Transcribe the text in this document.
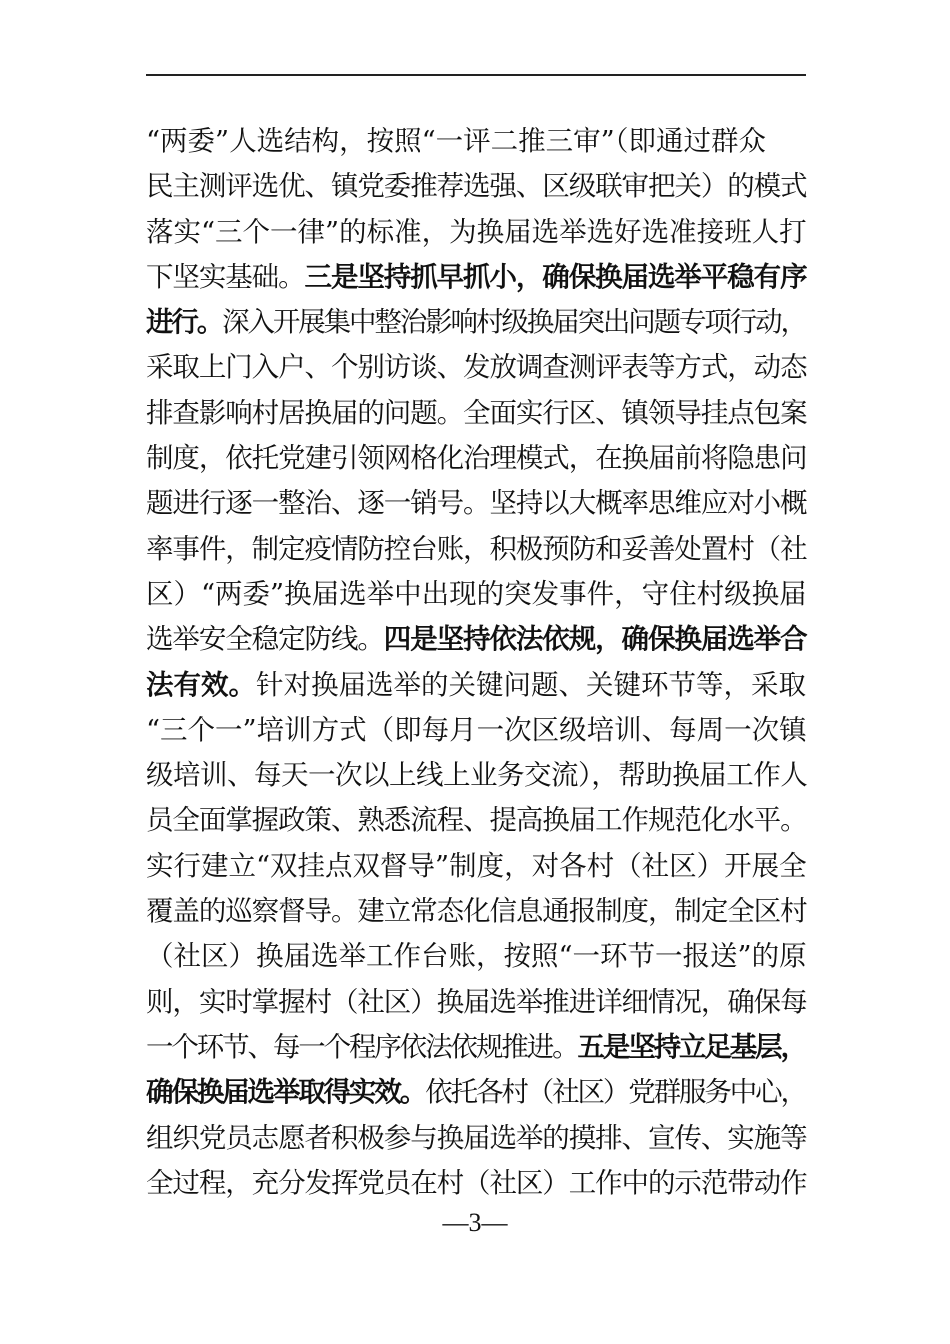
“两委”人选结构，按照“一评二推三审”（即通过群众
民主测评选优、镇党委推荐选强、区级联审把关）的模式
落实“三个一律”的标准，为换届选举选好选准接班人打
下坚实基础。三是坚持抓早抓小，确保换届选举平稳有序
进行。深入开展集中整治影响村级换届突出问题专项行动，
采取上门入户、个别访谈、发放调查测评表等方式，动态
排查影响村居换届的问题。全面实行区、镇领导挂点包案
制度，依托党建引领网格化治理模式，在换届前将隐患问
题进行逐一整治、逐一销号。坚持以大概率思维应对小概
率事件，制定疫情防控台账，积极预防和妥善处置村（社
区）“两委”换届选举中出现的突发事件，守住村级换届
选举安全稳定防线。四是坚持依法依规，确保换届选举合
法有效。针对换届选举的关键问题、关键环节等，采取
“三个一”培训方式（即每月一次区级培训、每周一次镇
级培训、每天一次以上线上业务交流），帮助换届工作人
员全面掌握政策、熟悉流程、提高换届工作规范化水平。
实行建立“双挂点双督导”制度，对各村（社区）开展全
覆盖的巡察督导。建立常态化信息通报制度，制定全区村
（社区）换届选举工作台账，按照“一环节一报送”的原
则，实时掌握村（社区）换届选举推进详细情况，确保每
一个环节、每一个程序依法依规推进。五是坚持立足基层，
确保换届选举取得实效。依托各村（社区）党群服务中心，
组织党员志愿者积极参与换届选举的摸排、宣传、实施等
全过程，充分发挥党员在村（社区）工作中的示范带动作
—3—
